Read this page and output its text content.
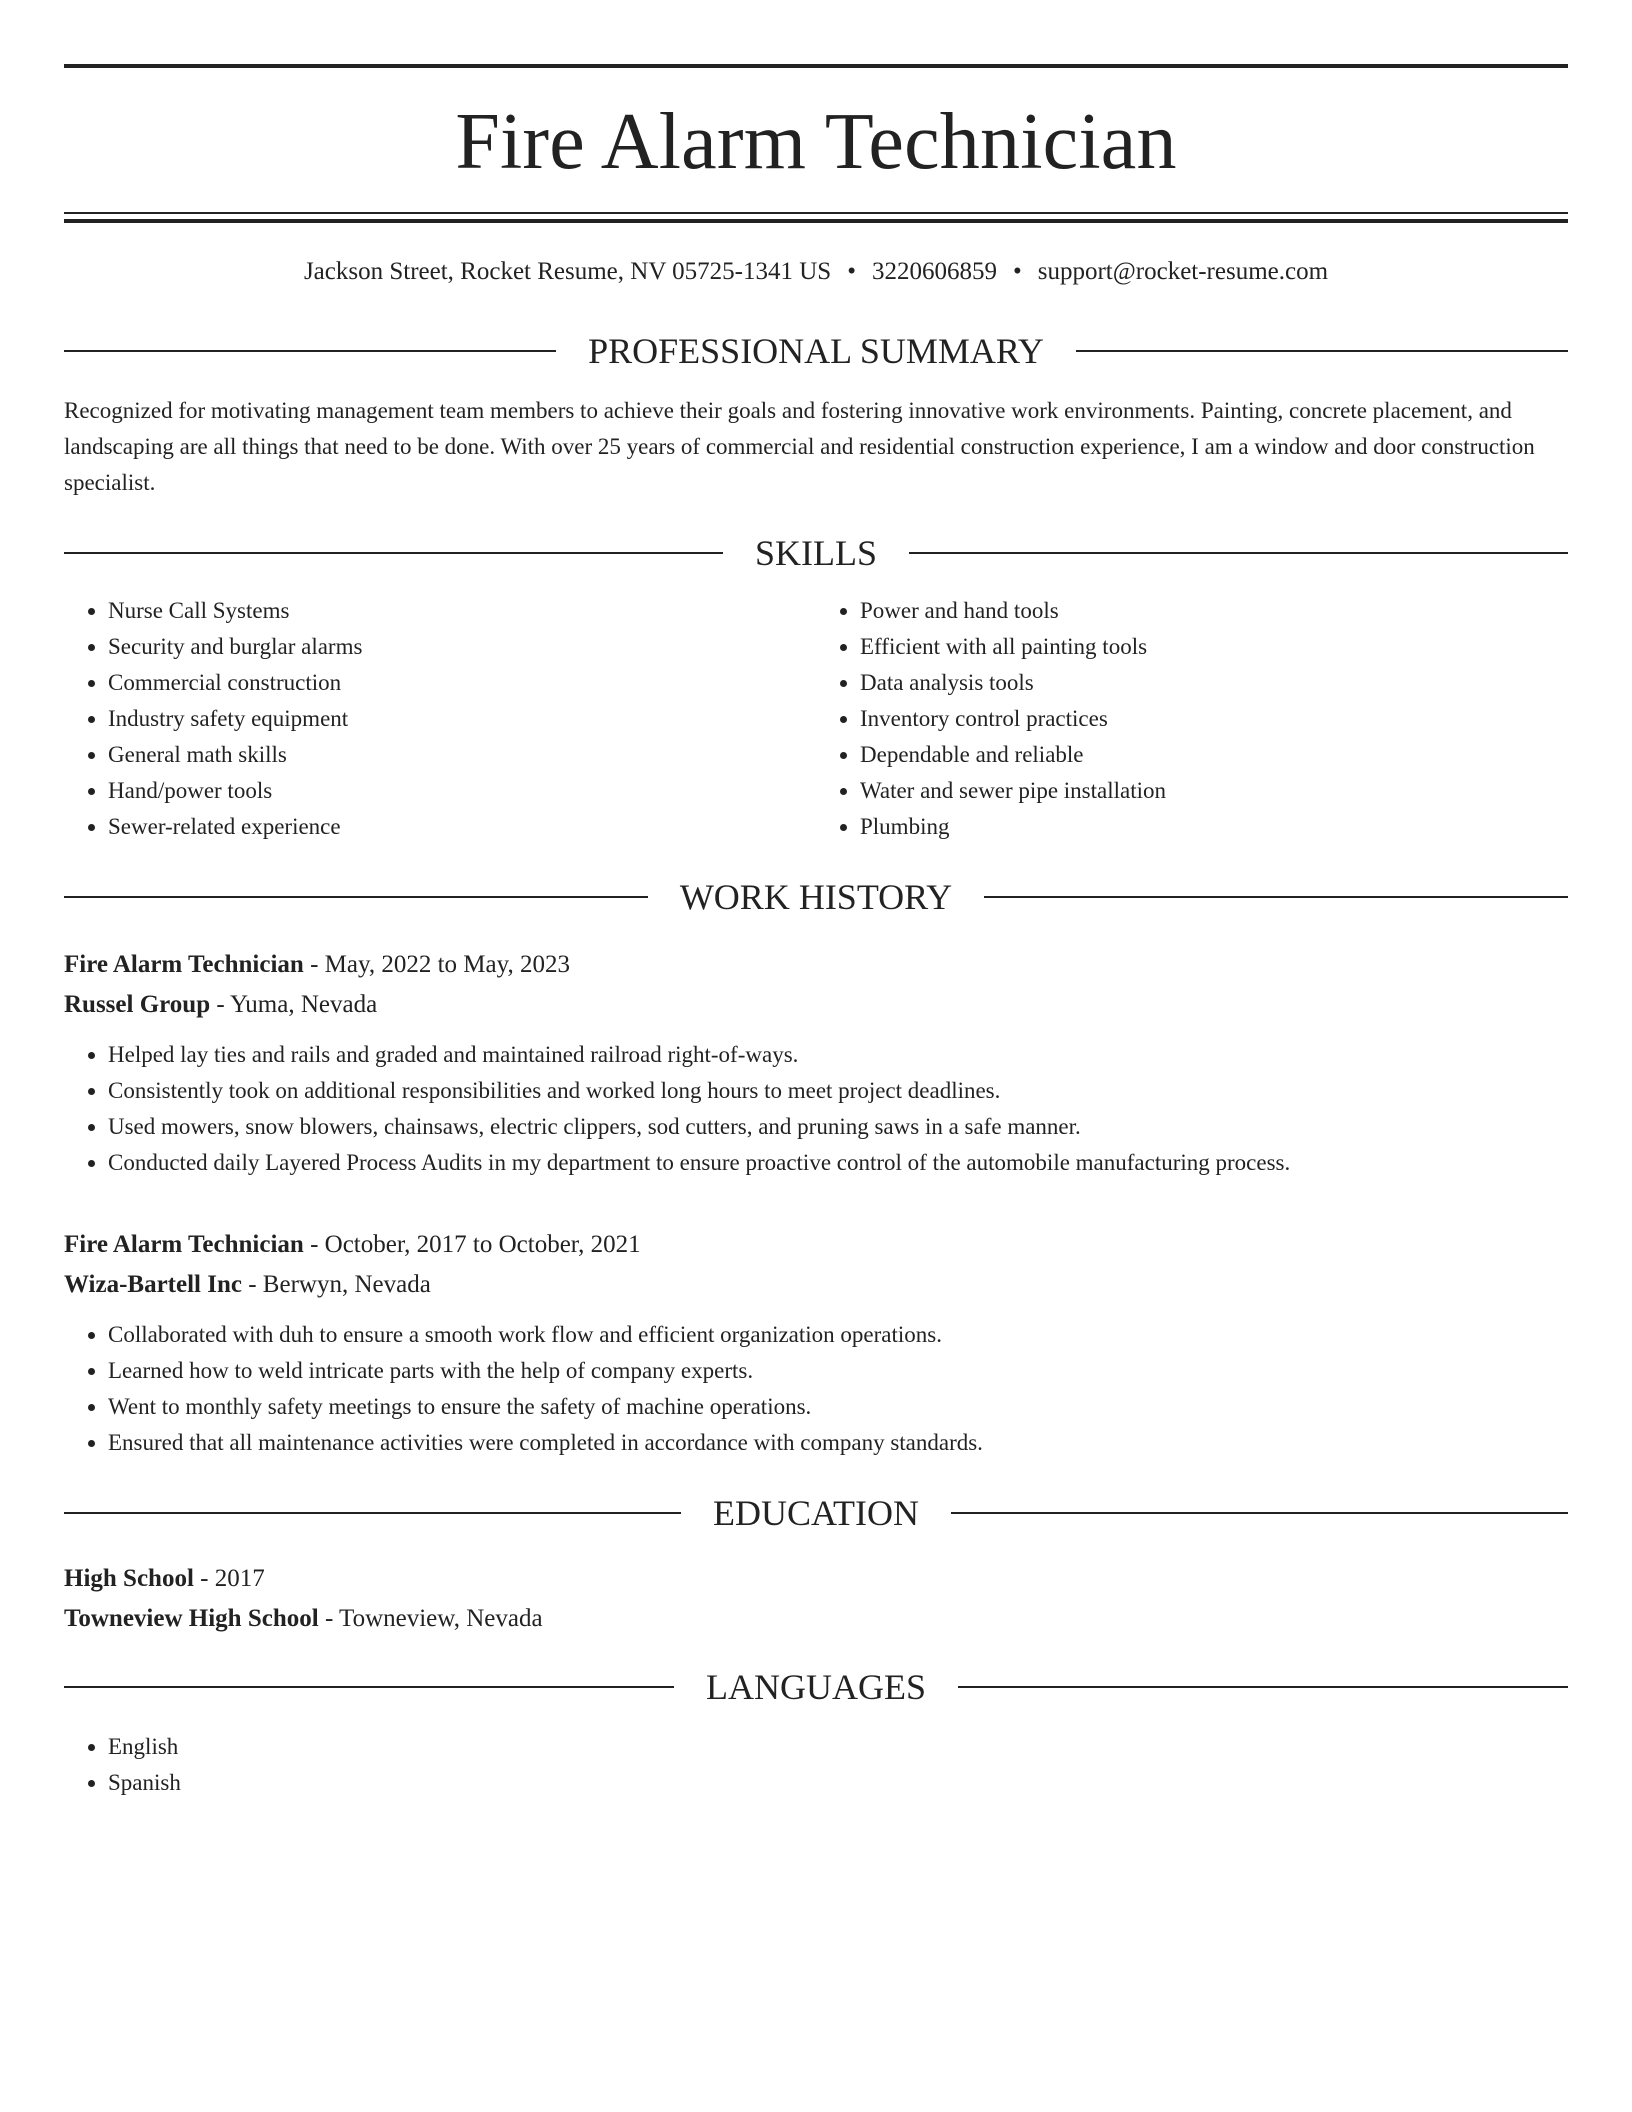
Fire Alarm Technician
Jackson Street, Rocket Resume, NV 05725-1341 US • 3220606859 • support@rocket-resume.com
PROFESSIONAL SUMMARY
Recognized for motivating management team members to achieve their goals and fostering innovative work environments. Painting, concrete placement, and landscaping are all things that need to be done. With over 25 years of commercial and residential construction experience, I am a window and door construction specialist.
SKILLS
• Nurse Call Systems
• Security and burglar alarms
• Commercial construction
• Industry safety equipment
• General math skills
• Hand/power tools
• Sewer-related experience
• Power and hand tools
• Efficient with all painting tools
• Data analysis tools
• Inventory control practices
• Dependable and reliable
• Water and sewer pipe installation
• Plumbing
WORK HISTORY
Fire Alarm Technician - May, 2022 to May, 2023
Russel Group - Yuma, Nevada
• Helped lay ties and rails and graded and maintained railroad right-of-ways.
• Consistently took on additional responsibilities and worked long hours to meet project deadlines.
• Used mowers, snow blowers, chainsaws, electric clippers, sod cutters, and pruning saws in a safe manner.
• Conducted daily Layered Process Audits in my department to ensure proactive control of the automobile manufacturing process.
Fire Alarm Technician - October, 2017 to October, 2021
Wiza-Bartell Inc - Berwyn, Nevada
• Collaborated with duh to ensure a smooth work flow and efficient organization operations.
• Learned how to weld intricate parts with the help of company experts.
• Went to monthly safety meetings to ensure the safety of machine operations.
• Ensured that all maintenance activities were completed in accordance with company standards.
EDUCATION
High School - 2017
Towneview High School - Towneview, Nevada
LANGUAGES
• English
• Spanish
